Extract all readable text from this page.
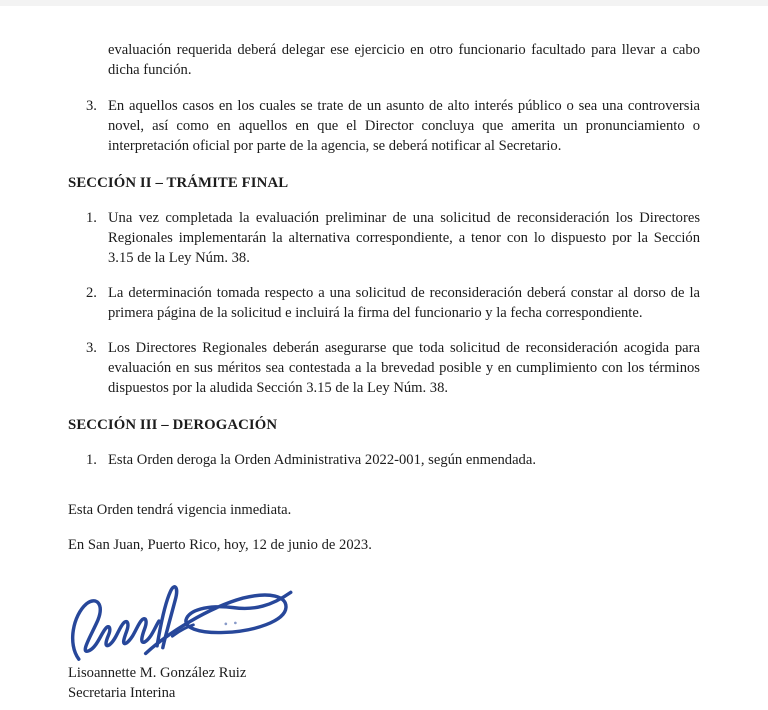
evaluación requerida deberá delegar ese ejercicio en otro funcionario facultado para llevar a cabo dicha función.

3. En aquellos casos en los cuales se trate de un asunto de alto interés público o sea una controversia novel, así como en aquellos en que el Director concluya que amerita un pronunciamiento o interpretación oficial por parte de la agencia, se deberá notificar al Secretario.
SECCIÓN II – TRÁMITE FINAL
1. Una vez completada la evaluación preliminar de una solicitud de reconsideración los Directores Regionales implementarán la alternativa correspondiente, a tenor con lo dispuesto por la Sección 3.15 de la Ley Núm. 38.
2. La determinación tomada respecto a una solicitud de reconsideración deberá constar al dorso de la primera página de la solicitud e incluirá la firma del funcionario y la fecha correspondiente.
3. Los Directores Regionales deberán asegurarse que toda solicitud de reconsideración acogida para evaluación en sus méritos sea contestada a la brevedad posible y en cumplimiento con los términos dispuestos por la aludida Sección 3.15 de la Ley Núm. 38.
SECCIÓN III – DEROGACIÓN
1. Esta Orden deroga la Orden Administrativa 2022-001, según enmendada.

Esta Orden tendrá vigencia inmediata.

En San Juan, Puerto Rico, hoy, 12 de junio de 2023.

Lisoannette M. González Ruiz

Secretaria Interina
